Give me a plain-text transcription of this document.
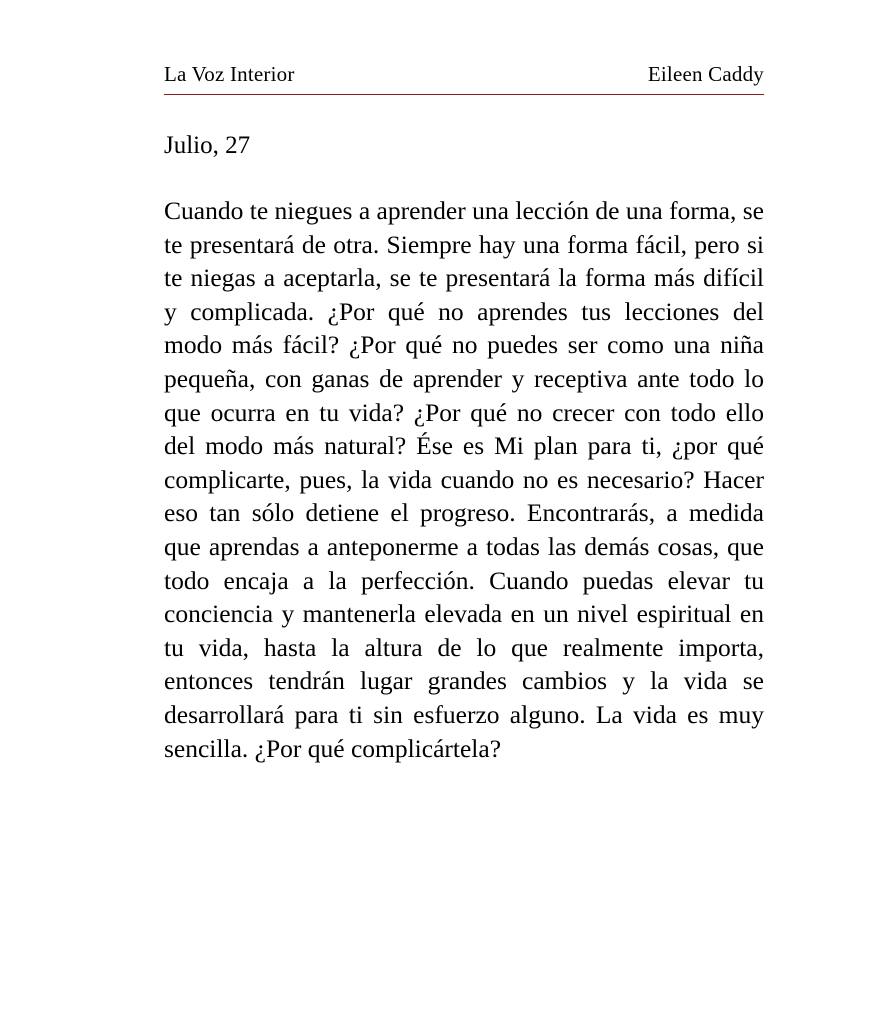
La Voz Interior	Eileen Caddy
Julio, 27
Cuando te niegues a aprender una lección de una forma, se te presentará de otra. Siempre hay una forma fácil, pero si te niegas a aceptarla, se te presentará la forma más difícil y complicada. ¿Por qué no aprendes tus lecciones del modo más fácil? ¿Por qué no puedes ser como una niña pequeña, con ganas de aprender y receptiva ante todo lo que ocurra en tu vida? ¿Por qué no crecer con todo ello del modo más natural? Ése es Mi plan para ti, ¿por qué complicarte, pues, la vida cuando no es necesario? Hacer eso tan sólo detiene el progreso. Encontrarás, a medida que aprendas a anteponerme a todas las demás cosas, que todo encaja a la perfección. Cuando puedas elevar tu conciencia y mantenerla elevada en un nivel espiritual en tu vida, hasta la altura de lo que realmente importa, entonces tendrán lugar grandes cambios y la vida se desarrollará para ti sin esfuerzo alguno. La vida es muy sencilla. ¿Por qué complicártela?
